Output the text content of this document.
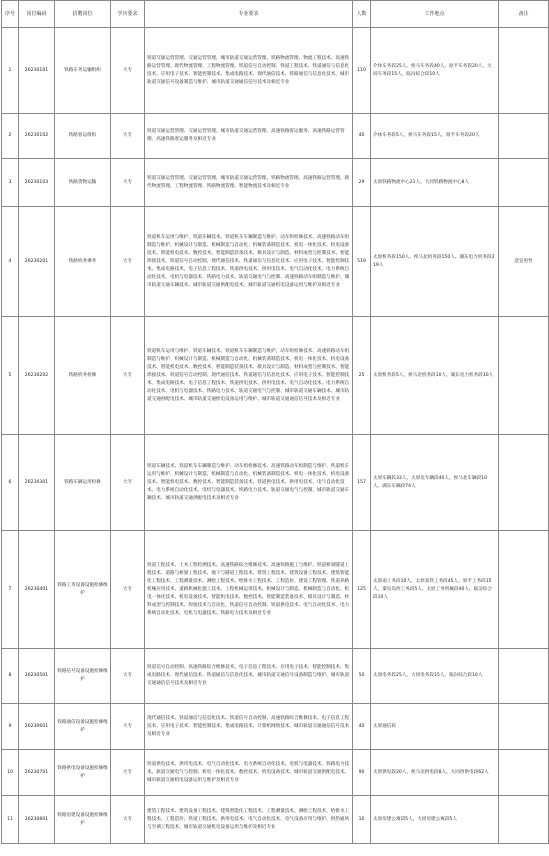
序号	岗位编码	招聘岗位	学历要求	专业要求	人数	工作地点	备注
1	26230101	铁路车务运输组织	大专	铁道交通运营管理、交通运营管理、城市轨道交通运营管理、铁路物流管理、物流工程技术、高速铁路运营管理、现代物流管理、工程物流管理、铁道信号自动控制、铁道工程技术、铁道通信与信息化技术、应用电子技术、智能控制技术、集成电路技术、现代通信技术、铁路通信与信息化技术、城市轨道交通信号设备制造与维护、城市轨道交通通信信号技术及相近专业	110	介休车务段25人、侯马车务段40人、原平车务段20人、大同车务段15人、临汾综合段10人	
2	26230102	铁路客运组织	大专	铁道交通运营管理、交通运营管理、城市轨道交通运营管理、高速铁路客运服务、高速铁路运营管理、高速铁路客运服务及相近专业	40	介休车务段5人、侯马车务段15人、原平车务段20人	
3	26230103	铁路货物运输	大专	铁道交通运营管理、交通运营管理、城市轨道交通运营管理、铁路物流管理、高速铁路运营管理、现代物流管理、工程物流管理、铁路物流管理、智能物流技术及相近专业	29	太原铁路物流中心21人、大同铁路物流中心8人	
4	26230201	铁路机务乘务	大专	铁道机车运用与维护、铁道车辆技术、铁道机车车辆制造与维护、动车组检修技术、高速铁路动车组制造与维护、机械设计与制造、机械制造与自动化、机械装备制造技术、机电一体化技术、机电设备技术、智能机电技术、数控技术、智能制造装备技术、模具设计与制造、材料成型与控制技术、智能焊接技术、铁道信号自动控制、现代通信技术、铁道通信与信息化技术、应用电子技术、智能控制技术、集成电路技术、电子信息工程技术、铁道供电技术、供用电技术、电气自动化技术、电力系统自动化技术、电机与电器技术、铁路电力技术、轨道交通电气与控制、高速铁路动车组制造与维护、城市轨道交通车辆技术、城市轨道交通供配电技术、城市轨道交通机电设备运用与维护及相近专业	519	太原机务段150人、侯马北机务段150人、湖东电力机务段219人	适宜男性
5	26230202	铁路机务检修	大专	铁道机车运用与维护、铁道车辆技术、铁道机车车辆制造与维护、动车组检修技术、高速铁路动车组制造与维护、机械设计与制造、机械制造与自动化、机械装备制造技术、机电一体化技术、机电设备技术、智能机电技术、数控技术、智能制造装备技术、模具设计与制造、材料成型与控制技术、智能焊接技术、铁道信号自动控制、现代通信技术、铁道通信与信息化技术、应用电子技术、智能控制技术、集成电路技术、电子信息工程技术、铁道供电技术、供用电技术、电气自动化技术、电力系统自动化技术、电机与电器技术、铁路电力技术、轨道交通电气与控制、城市轨道交通车辆技术、城市轨道交通供配电技术、城市轨道交通机电设备运用与维护、城市轨道交通通信信号技术及相近专业	25	太原机务段5人、侯马北机务段10人、湖东电力机务段10人	
6	26230301	铁路车辆运用检修	大专	铁道车辆技术、铁道机车车辆制造与维护、动车组检修技术、高速铁路动车组制造与维护、铁道机车运用与维护、机械设计与制造、机械制造与自动化、机械装备制造技术、机电一体化技术、机电设备技术、智能机电技术、数控技术、智能制造装备技术、铁道供电技术、供用电技术、电气自动化技术、电力系统自动化技术、电机与电器技术、铁路电力技术、轨道交通电气与控制、城市轨道交通车辆技术、城市轨道交通供配电技术及相近专业	157	太原车辆段33人、太原北车辆段40人、侯马北车辆段10人、湖东车辆段74人	
7	26230401	铁路工务设备设施检修维护	大专	铁道工程技术、土木工程检测技术、高速铁路综合维修技术、高速铁路施工与维护、铁道桥梁隧道工程技术、道路与桥梁工程技术、地下与隧道工程技术、建筑工程技术、建筑设备工程技术、建筑智能化工程技术、工程测量技术、测绘工程技术、给排水工程技术、工程造价、建设工程管理、铁道养路机械应用技术、道路机械化施工技术、工程机械运用技术、机械设计与制造、机械制造与自动化、机电一体化技术、机电设备技术、智能机电技术、数控技术、智能制造装备技术、模具设计与制造、材料成型与控制技术、焊接技术与自动化、铁道信号自动控制、铁道供电技术、电气自动化技术、电力系统自动化技术、电机与电器技术、铁路电力技术及相近专业	125	太原南工务段10人、太原高铁工务段45人、原平工务段15人、秦皇岛西工务段5人、太原工务机械段40人、临汾综合段10人	
8	26230501	铁路信号设备设施检修维护	大专	铁道信号自动控制、高速铁路综合维修技术、电子信息工程技术、应用电子技术、智能控制技术、集成电路技术、现代通信技术、铁道通信与信息化技术、城市轨道交通信号设备制造与维护、城市轨道交通通信信号技术及相近专业	50	太原电务段25人、大同电务段15人、临汾综合段10人	
9	26230601	铁路通信设备设施检修维护	大专	现代通信技术、铁道通信与信息化技术、铁道信号自动控制、高速铁路综合维修技术、电子信息工程技术、应用电子技术、智能控制技术、集成电路技术、计算机网络技术、城市轨道交通通信信号技术及相近专业	40	太原通信段	
10	26230701	铁路供电设备设施检修维护	大专	铁道供电技术、供用电技术、电气自动化技术、电力系统自动化技术、电机与电器技术、铁路电力技术、轨道交通电气与控制、机电一体化技术、数控技术、机电设备技术、城市轨道交通供配电技术、城市轨道交通机电设备运用与维护及相近专业	90	太原供电段20人、侯马北供电段8人、大同西供电段62人	
11	26230801	铁路房建设备设施检修维护	大专	建筑工程技术、建筑设备工程技术、建筑智能化工程技术、工程测量技术、测绘工程技术、给排水工程技术、工程造价、铁道工程技术、供用电技术、电气自动化技术、电气设备应用与维护、供热通风与空调工程技术、城市轨道交通机电设备运用与维护及相近专业	10	太原房建公寓段5人、大同房建公寓段5人	
